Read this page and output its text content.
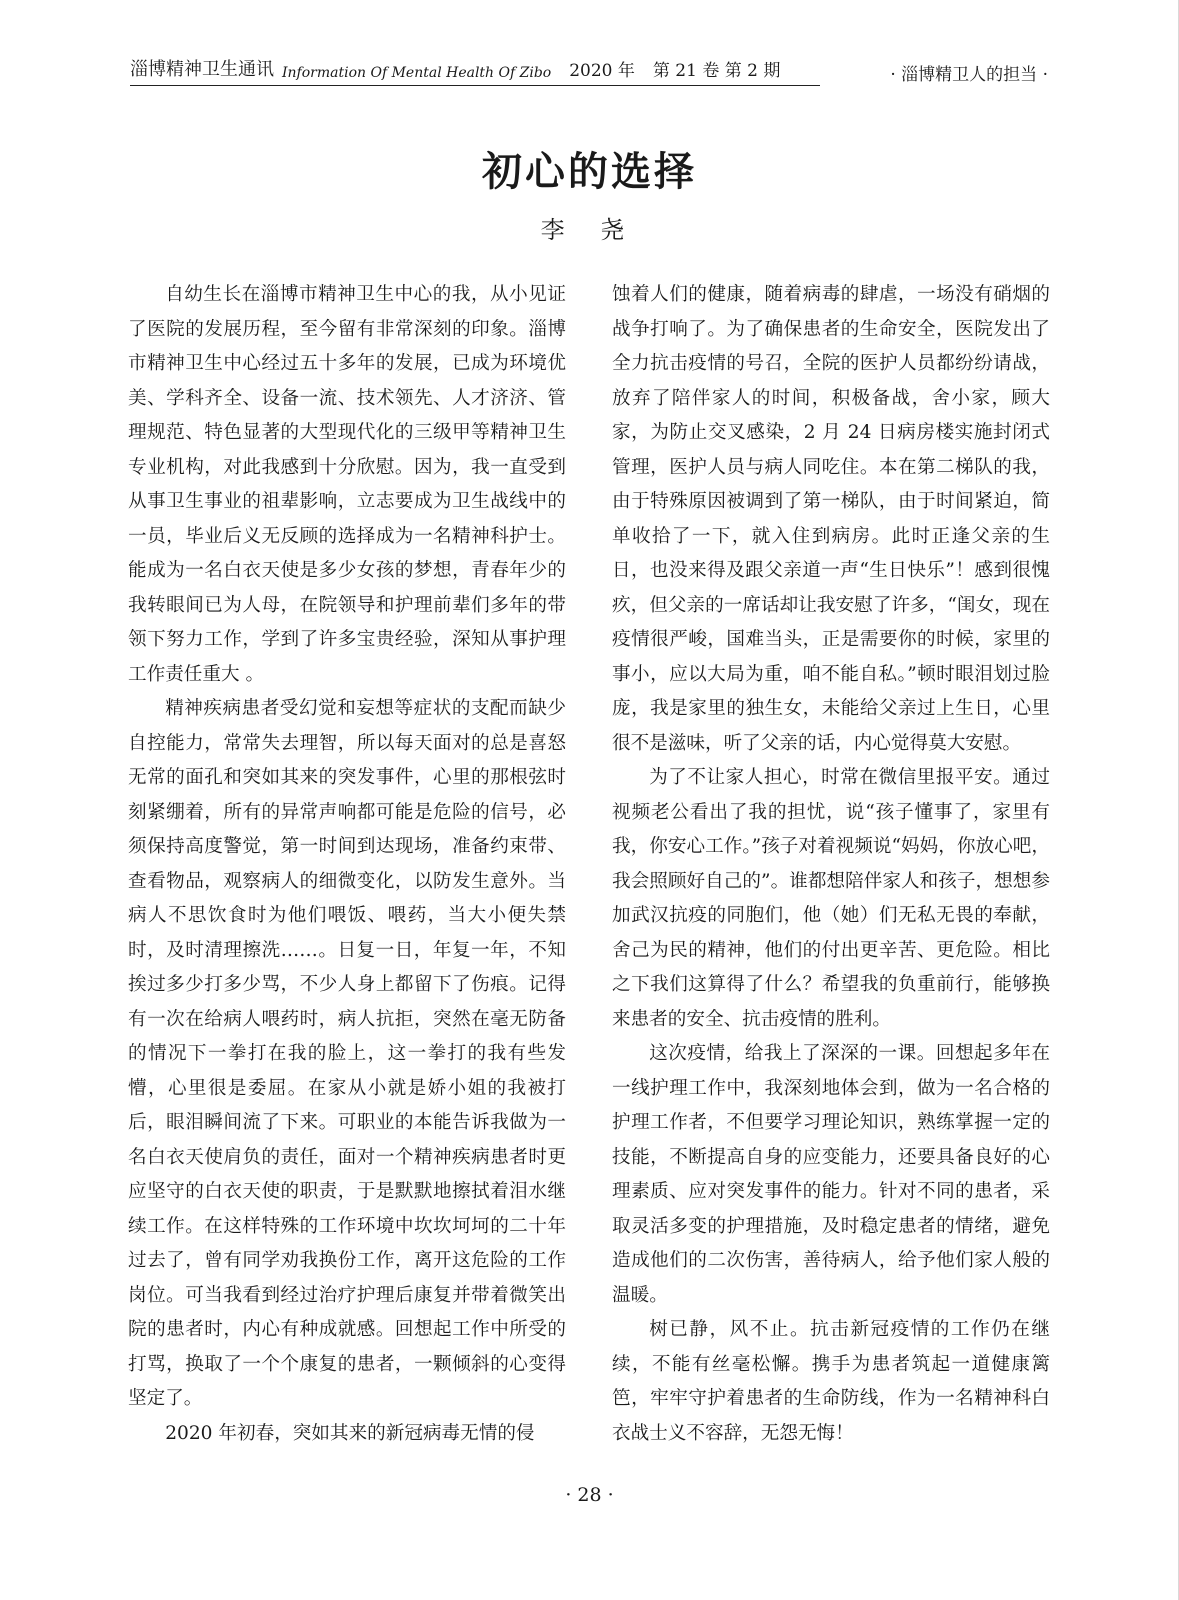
淄博精神卫生通讯 Information Of Mental Health Of Zibo 2020 年 第 21 卷 第 2 期	· 淄博精卫人的担当 ·
初心的选择
李 尧

自幼生长在淄博市精神卫生中心的我，从小见证了医院的发展历程，至今留有非常深刻的印象。淄博市精神卫生中心经过五十多年的发展，已成为环境优美、学科齐全、设备一流、技术领先、人才济济、管理规范、特色显著的大型现代化的三级甲等精神卫生专业机构，对此我感到十分欣慰。因为，我一直受到从事卫生事业的祖辈影响，立志要成为卫生战线中的一员，毕业后义无反顾的选择成为一名精神科护士。能成为一名白衣天使是多少女孩的梦想，青春年少的我转眼间已为人母，在院领导和护理前辈们多年的带领下努力工作，学到了许多宝贵经验，深知从事护理工作责任重大 。

精神疾病患者受幻觉和妄想等症状的支配而缺少自控能力，常常失去理智，所以每天面对的总是喜怒无常的面孔和突如其来的突发事件，心里的那根弦时刻紧绷着，所有的异常声响都可能是危险的信号，必须保持高度警觉，第一时间到达现场，准备约束带、查看物品，观察病人的细微变化，以防发生意外。当病人不思饮食时为他们喂饭、喂药，当大小便失禁时，及时清理擦洗……。日复一日，年复一年，不知挨过多少打多少骂，不少人身上都留下了伤痕。记得有一次在给病人喂药时，病人抗拒，突然在毫无防备的情况下一拳打在我的脸上，这一拳打的我有些发懵，心里很是委屈。在家从小就是娇小姐的我被打后，眼泪瞬间流了下来。可职业的本能告诉我做为一名白衣天使肩负的责任，面对一个精神疾病患者时更应坚守的白衣天使的职责，于是默默地擦拭着泪水继续工作。在这样特殊的工作环境中坎坎坷坷的二十年过去了，曾有同学劝我换份工作，离开这危险的工作岗位。可当我看到经过治疗护理后康复并带着微笑出院的患者时，内心有种成就感。回想起工作中所受的打骂，换取了一个个康复的患者，一颗倾斜的心变得坚定了。

2020 年初春，突如其来的新冠病毒无情的侵

蚀着人们的健康，随着病毒的肆虐，一场没有硝烟的战争打响了。为了确保患者的生命安全，医院发出了全力抗击疫情的号召，全院的医护人员都纷纷请战，放弃了陪伴家人的时间，积极备战，舍小家，顾大家，为防止交叉感染，2 月 24 日病房楼实施封闭式管理，医护人员与病人同吃住。本在第二梯队的我，由于特殊原因被调到了第一梯队，由于时间紧迫，简单收拾了一下，就入住到病房。此时正逢父亲的生日，也没来得及跟父亲道一声“生日快乐”！感到很愧疚，但父亲的一席话却让我安慰了许多，“闺女，现在疫情很严峻，国难当头，正是需要你的时候，家里的事小，应以大局为重，咱不能自私。”顿时眼泪划过脸庞，我是家里的独生女，未能给父亲过上生日，心里很不是滋味，听了父亲的话，内心觉得莫大安慰。

为了不让家人担心，时常在微信里报平安。通过视频老公看出了我的担忧，说“孩子懂事了，家里有我，你安心工作。”孩子对着视频说“妈妈，你放心吧，我会照顾好自己的”。谁都想陪伴家人和孩子，想想参加武汉抗疫的同胞们，他（她）们无私无畏的奉献，舍己为民的精神，他们的付出更辛苦、更危险。相比之下我们这算得了什么？希望我的负重前行，能够换来患者的安全、抗击疫情的胜利。

这次疫情，给我上了深深的一课。回想起多年在一线护理工作中，我深刻地体会到，做为一名合格的护理工作者，不但要学习理论知识，熟练掌握一定的技能，不断提高自身的应变能力，还要具备良好的心理素质、应对突发事件的能力。针对不同的患者，采取灵活多变的护理措施，及时稳定患者的情绪，避免造成他们的二次伤害，善待病人，给予他们家人般的温暖。

树已静，风不止。抗击新冠疫情的工作仍在继续，不能有丝毫松懈。携手为患者筑起一道健康篱笆，牢牢守护着患者的生命防线，作为一名精神科白衣战士义不容辞，无怨无悔！

· 28 ·
